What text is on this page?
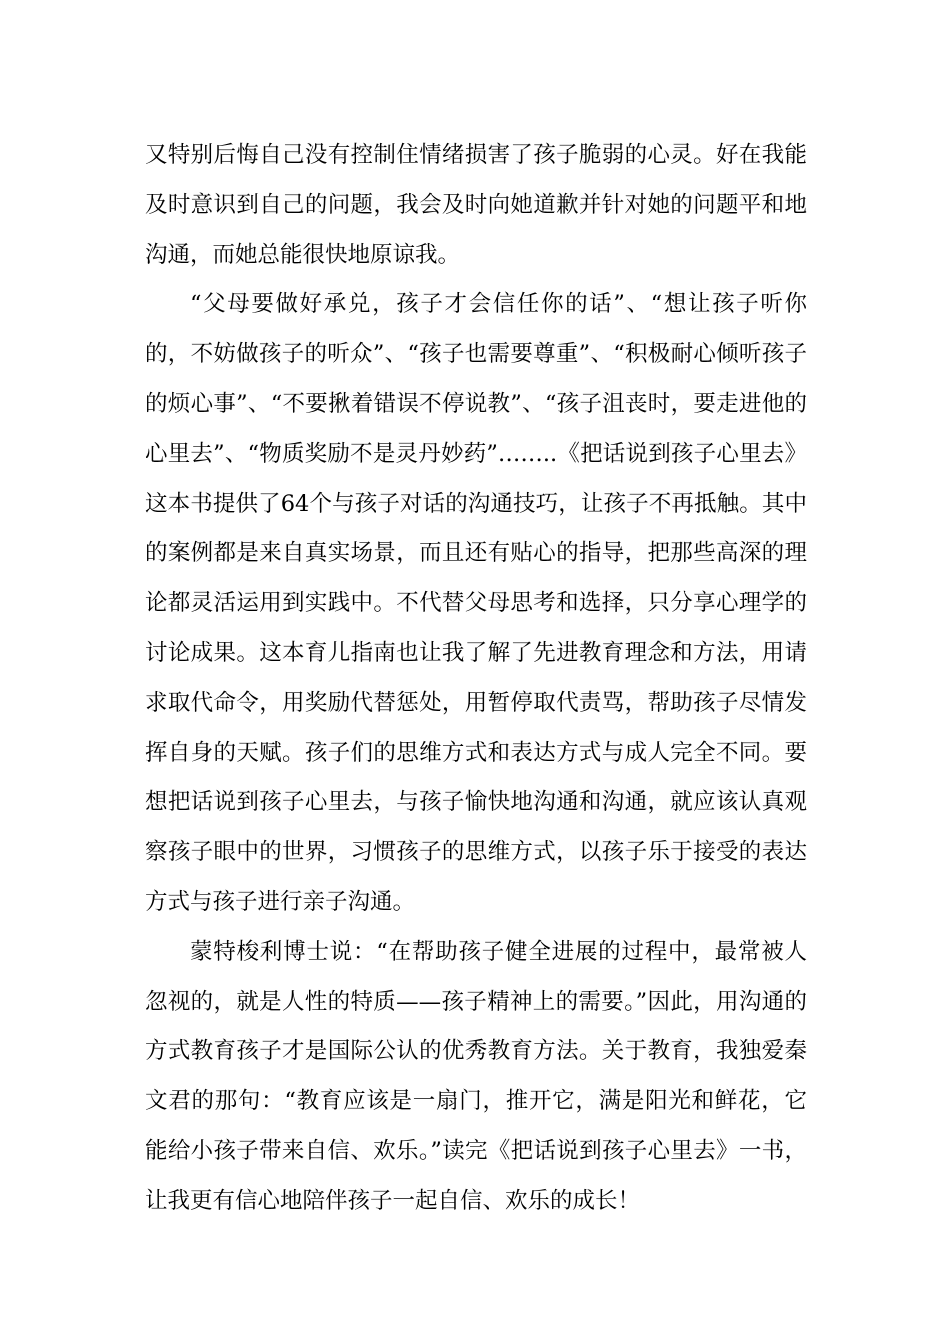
又特别后悔自己没有控制住情绪损害了孩子脆弱的心灵。好在我能及时意识到自己的问题，我会及时向她道歉并针对她的问题平和地沟通，而她总能很快地原谅我。

“父母要做好承兑，孩子才会信任你的话”、“想让孩子听你的，不妨做孩子的听众”、“孩子也需要尊重”、“积极耐心倾听孩子的烦心事”、“不要揪着错误不停说教”、“孩子沮丧时，要走进他的心里去”、“物质奖励不是灵丹妙药”……..《把话说到孩子心里去》这本书提供了64个与孩子对话的沟通技巧，让孩子不再抵触。其中的案例都是来自真实场景，而且还有贴心的指导，把那些高深的理论都灵活运用到实践中。不代替父母思考和选择，只分享心理学的讨论成果。这本育儿指南也让我了解了先进教育理念和方法，用请求取代命令，用奖励代替惩处，用暂停取代责骂，帮助孩子尽情发挥自身的天赋。孩子们的思维方式和表达方式与成人完全不同。要想把话说到孩子心里去，与孩子愉快地沟通和沟通，就应该认真观察孩子眼中的世界，习惯孩子的思维方式，以孩子乐于接受的表达方式与孩子进行亲子沟通。

蒙特梭利博士说：“在帮助孩子健全进展的过程中，最常被人忽视的，就是人性的特质——孩子精神上的需要。”因此，用沟通的方式教育孩子才是国际公认的优秀教育方法。关于教育，我独爱秦文君的那句：“教育应该是一扇门，推开它，满是阳光和鲜花，它能给小孩子带来自信、欢乐。”读完《把话说到孩子心里去》一书，让我更有信心地陪伴孩子一起自信、欢乐的成长！
